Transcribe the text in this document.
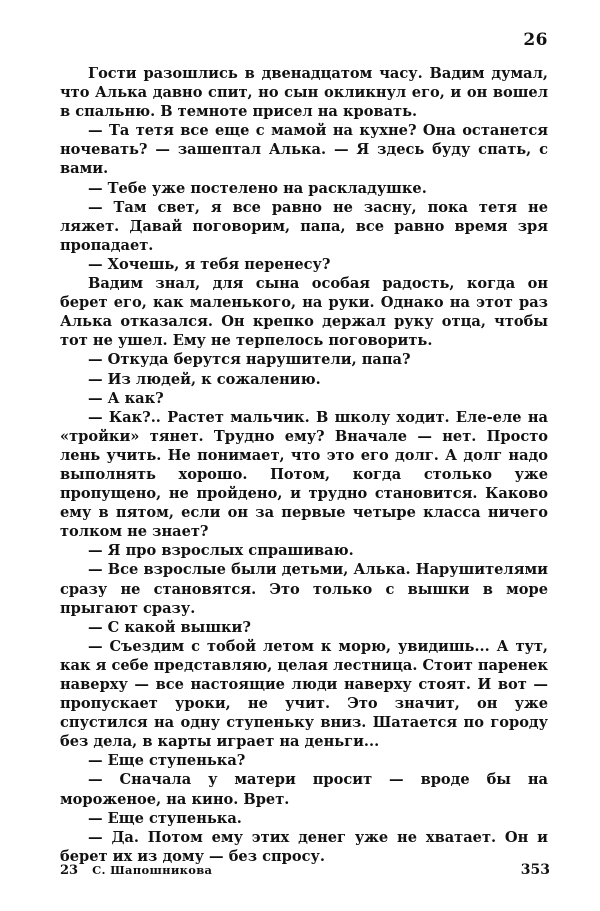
26

Гости разошлись в двенадцатом часу. Вадим думал, что Алька давно спит, но сын окликнул его, и он вошел в спальню. В темноте присел на кровать.

— Та тетя все еще с мамой на кухне? Она останется ночевать? — зашептал Алька. — Я здесь буду спать, с вами.

— Тебе уже постелено на раскладушке.

— Там свет, я все равно не засну, пока тетя не ляжет. Давай поговорим, папа, все равно время зря пропадает.

— Хочешь, я тебя перенесу?

Вадим знал, для сына особая радость, когда он берет его, как маленького, на руки. Однако на этот раз Алька отказался. Он крепко держал руку отца, чтобы тот не ушел. Ему не терпелось поговорить.

— Откуда берутся нарушители, папа?

— Из людей, к сожалению.

— А как?

— Как?.. Растет мальчик. В школу ходит. Еле-еле на «тройки» тянет. Трудно ему? Вначале — нет. Просто лень учить. Не понимает, что это его долг. А долг надо выполнять хорошо. Потом, когда столько уже пропущено, не пройдено, и трудно становится. Каково ему в пятом, если он за первые четыре класса ничего толком не знает?

— Я про взрослых спрашиваю.

— Все взрослые были детьми, Алька. Нарушителями сразу не становятся. Это только с вышки в море прыгают сразу.

— С какой вышки?

— Съездим с тобой летом к морю, увидишь... А тут, как я себе представляю, целая лестница. Стоит паренек наверху — все настоящие люди наверху стоят. И вот — пропускает уроки, не учит. Это значит, он уже спустился на одну ступеньку вниз. Шатается по городу без дела, в карты играет на деньги...

— Еще ступенька?

— Сначала у матери просит — вроде бы на мороженое, на кино. Врет.

— Еще ступенька.

— Да. Потом ему этих денег уже не хватает. Он и берет их из дому — без спросу.

23 С. Шапошникова	353
